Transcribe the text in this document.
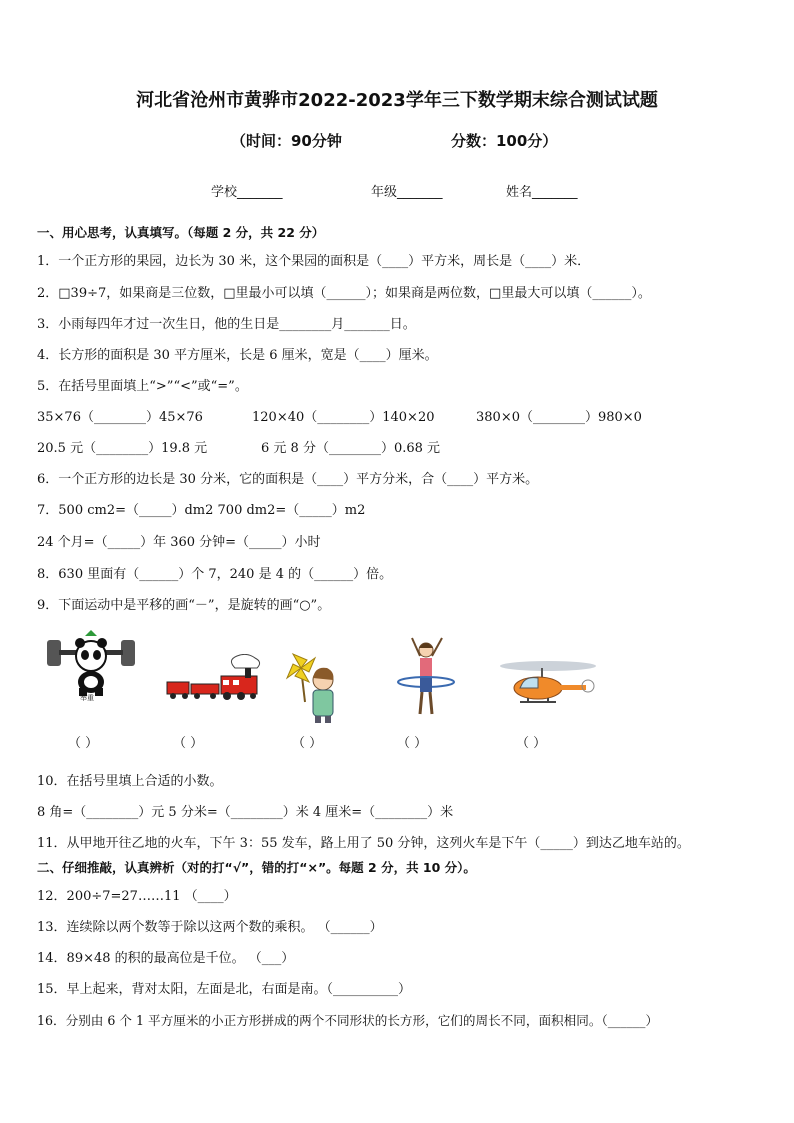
河北省沧州市黄骅市2022-2023学年三下数学期末综合测试试题
（时间：90分钟	分数：100分）
学校_______	年级_______	姓名_______
一、用心思考，认真填写。（每题 2 分，共 22 分）
1．一个正方形的果园，边长为 30 米，这个果园的面积是（____）平方米，周长是（____）米．
2．□39÷7，如果商是三位数，□里最小可以填（______）；如果商是两位数，□里最大可以填（______）。
3．小雨每四年才过一次生日，他的生日是________月_______日。
4．长方形的面积是 30 平方厘米，长是 6 厘米，宽是（____）厘米。
5．在括号里面填上“>”“<”或“=”。
35×76（________）45×76	120×40（________）140×20	380×0（________）980×0
20.5 元（________）19.8 元	6 元 8 分（________）0.68 元
6．一个正方形的边长是 30 分米，它的面积是（____）平方分米，合（____）平方米。
7．500 cm2=（_____）dm2 700 dm2=（_____）m2
24 个月=（_____）年 360 分钟=（_____）小时
8．630 里面有（______）个 7，240 是 4 的（______）倍。
9．下面运动中是平移的画“－”，是旋转的画“○”。
举重
（ ）	（ ）	（ ）	（ ）	（ ）
10．在括号里填上合适的小数。
8 角=（________）元 5 分米=（________）米 4 厘米=（________）米
11．从甲地开往乙地的火车，下午 3：55 发车，路上用了 50 分钟，这列火车是下午（_____）到达乙地车站的。
二、仔细推敲，认真辨析（对的打“√”，错的打“×”。每题 2 分，共 10 分）。
12．200÷7=27……11 （____）
13．连续除以两个数等于除以这两个数的乘积。 （______）
14．89×48 的积的最高位是千位。 （___）
15．早上起来，背对太阳，左面是北，右面是南。（__________）
16．分别由 6 个 1 平方厘米的小正方形拼成的两个不同形状的长方形，它们的周长不同，面积相同。（______）
